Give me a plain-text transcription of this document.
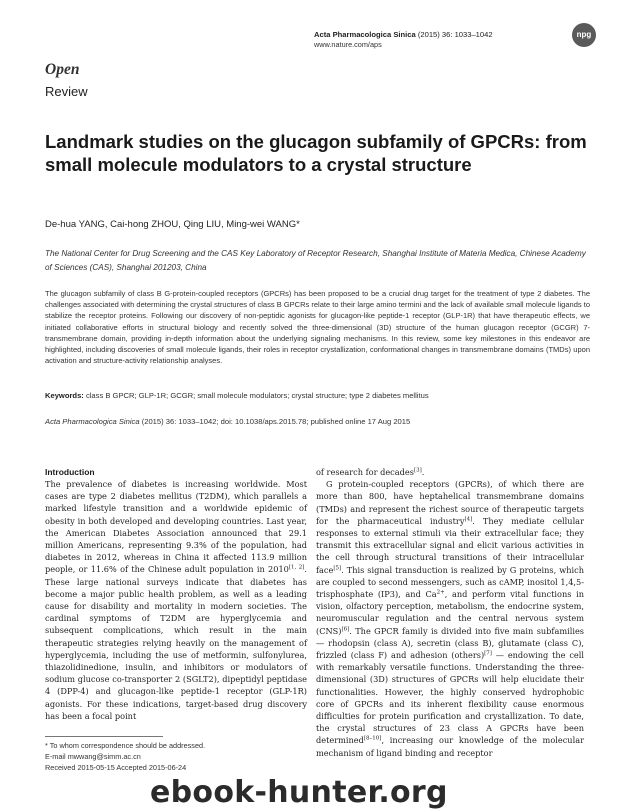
Acta Pharmacologica Sinica (2015) 36: 1033–1042
www.nature.com/aps
npg
Open
Review
Landmark studies on the glucagon subfamily of GPCRs: from small molecule modulators to a crystal structure
De-hua YANG, Cai-hong ZHOU, Qing LIU, Ming-wei WANG*
The National Center for Drug Screening and the CAS Key Laboratory of Receptor Research, Shanghai Institute of Materia Medica, Chinese Academy of Sciences (CAS), Shanghai 201203, China
The glucagon subfamily of class B G-protein-coupled receptors (GPCRs) has been proposed to be a crucial drug target for the treatment of type 2 diabetes. The challenges associated with determining the crystal structures of class B GPCRs relate to their large amino termini and the lack of available small molecule ligands to stabilize the receptor proteins. Following our discovery of non-peptidic agonists for glucagon-like peptide-1 receptor (GLP-1R) that have therapeutic effects, we initiated collaborative efforts in structural biology and recently solved the three-dimensional (3D) structure of the human glucagon receptor (GCGR) 7-transmembrane domain, providing in-depth information about the underlying signaling mechanisms. In this review, some key milestones in this endeavor are highlighted, including discoveries of small molecule ligands, their roles in receptor crystallization, conformational changes in transmembrane domains (TMDs) upon activation and structure-activity relationship analyses.
Keywords: class B GPCR; GLP-1R; GCGR; small molecule modulators; crystal structure; type 2 diabetes mellitus
Acta Pharmacologica Sinica (2015) 36: 1033–1042; doi: 10.1038/aps.2015.78; published online 17 Aug 2015
Introduction

The prevalence of diabetes is increasing worldwide. Most cases are type 2 diabetes mellitus (T2DM), which parallels a marked lifestyle transition and a worldwide epidemic of obesity in both developed and developing countries. Last year, the American Diabetes Association announced that 29.1 million Americans, representing 9.3% of the population, had diabetes in 2012, whereas in China it affected 113.9 million people, or 11.6% of the Chinese adult population in 2010[1, 2]. These large national surveys indicate that diabetes has become a major public health problem, as well as a leading cause for disability and mortality in modern societies. The cardinal symptoms of T2DM are hyperglycemia and subsequent complications, which result in the main therapeutic strategies relying heavily on the management of hyperglycemia, including the use of metformin, sulfonylurea, thiazolidinedione, insulin, and inhibitors or modulators of sodium glucose co-transporter 2 (SGLT2), dipeptidyl peptidase 4 (DPP-4) and glucagon-like peptide-1 receptor (GLP-1R) agonists. For these indications, target-based drug discovery has been a focal point

of research for decades[3].

G protein-coupled receptors (GPCRs), of which there are more than 800, have heptahelical transmembrane domains (TMDs) and represent the richest source of therapeutic targets for the pharmaceutical industry[4]. They mediate cellular responses to external stimuli via their extracellular face; they transmit this extracellular signal and elicit various activities in the cell through structural transitions of their intracellular face[5]. This signal transduction is realized by G proteins, which are coupled to second messengers, such as cAMP, inositol 1,4,5-trisphosphate (IP3), and $Ca^{2+}$, and perform vital functions in vision, olfactory perception, metabolism, the endocrine system, neuromuscular regulation and the central nervous system (CNS)[6]. The GPCR family is divided into five main subfamilies — rhodopsin (class A), secretin (class B), glutamate (class C), frizzled (class F) and adhesion (others)[7] — endowing the cell with remarkably versatile functions. Understanding the three-dimensional (3D) structures of GPCRs will help elucidate their functionalities. However, the highly conserved hydrophobic core of GPCRs and its inherent flexibility cause enormous difficulties for protein purification and crystallization. To date, the crystal structures of 23 class A GPCRs have been determined[8–10], increasing our knowledge of the molecular mechanism of ligand binding and receptor

* To whom correspondence should be addressed.
E-mail mwwang@simm.ac.cn
Received 2015-05-15 Accepted 2015-06-24
ebook-hunter.org
